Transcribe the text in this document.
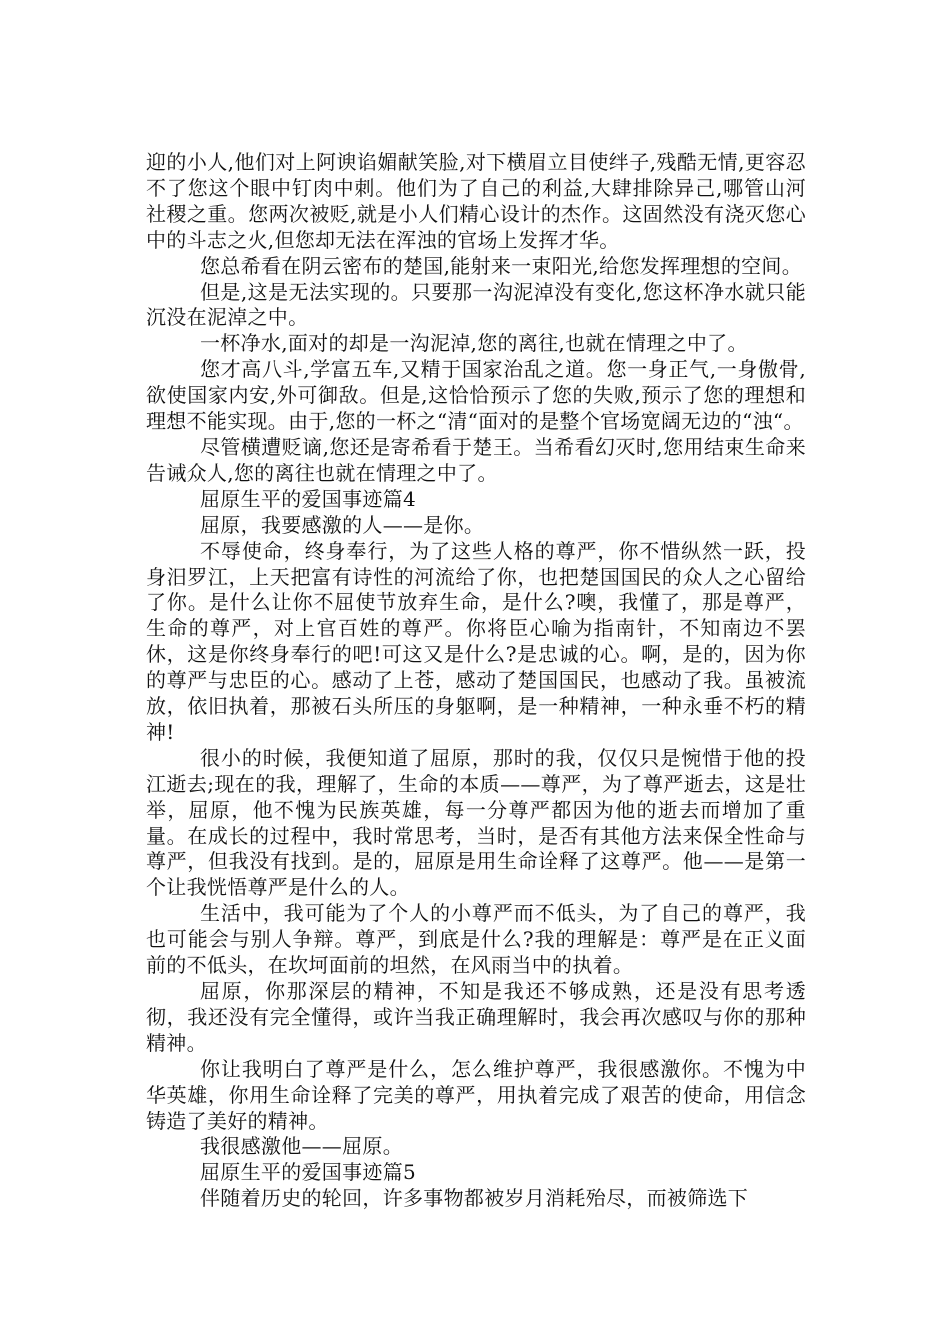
迎的小人,他们对上阿谀谄媚献笑脸,对下横眉立目使绊子,残酷无情,更容忍不了您这个眼中钉肉中刺。他们为了自己的利益,大肆排除异己,哪管山河社稷之重。您两次被贬,就是小人们精心设计的杰作。这固然没有浇灭您心中的斗志之火,但您却无法在浑浊的官场上发挥才华。

您总希看在阴云密布的楚国,能射来一束阳光,给您发挥理想的空间。

但是,这是无法实现的。只要那一沟泥淖没有变化,您这杯净水就只能沉没在泥淖之中。

一杯净水,面对的却是一沟泥淖,您的离往,也就在情理之中了。

您才高八斗,学富五车,又精于国家治乱之道。您一身正气,一身傲骨,欲使国家内安,外可御敌。但是,这恰恰预示了您的失败,预示了您的理想和理想不能实现。由于,您的一杯之“清“面对的是整个官场宽阔无边的“浊“。

尽管横遭贬谪,您还是寄希看于楚王。当希看幻灭时,您用结束生命来告诫众人,您的离往也就在情理之中了。

屈原生平的爱国事迹篇4

屈原，我要感激的人——是你。

不辱使命，终身奉行，为了这些人格的尊严，你不惜纵然一跃，投身汨罗江，上天把富有诗性的河流给了你，也把楚国国民的众人之心留给了你。是什么让你不屈使节放弃生命，是什么?噢，我懂了，那是尊严，生命的尊严，对上官百姓的尊严。你将臣心喻为指南针，不知南边不罢休，这是你终身奉行的吧!可这又是什么?是忠诚的心。啊，是的，因为你的尊严与忠臣的心。感动了上苍，感动了楚国国民，也感动了我。虽被流放，依旧执着，那被石头所压的身躯啊，是一种精神，一种永垂不朽的精神!

很小的时候，我便知道了屈原，那时的我，仅仅只是惋惜于他的投江逝去;现在的我，理解了，生命的本质——尊严，为了尊严逝去，这是壮举，屈原，他不愧为民族英雄，每一分尊严都因为他的逝去而增加了重量。在成长的过程中，我时常思考，当时，是否有其他方法来保全性命与尊严，但我没有找到。是的，屈原是用生命诠释了这尊严。他——是第一个让我恍悟尊严是什么的人。

生活中，我可能为了个人的小尊严而不低头，为了自己的尊严，我也可能会与别人争辩。尊严，到底是什么?我的理解是：尊严是在正义面前的不低头，在坎坷面前的坦然，在风雨当中的执着。

屈原，你那深层的精神，不知是我还不够成熟，还是没有思考透彻，我还没有完全懂得，或许当我正确理解时，我会再次感叹与你的那种精神。

你让我明白了尊严是什么，怎么维护尊严，我很感激你。不愧为中华英雄，你用生命诠释了完美的尊严，用执着完成了艰苦的使命，用信念铸造了美好的精神。

我很感激他——屈原。

屈原生平的爱国事迹篇5

伴随着历史的轮回，许多事物都被岁月消耗殆尽，而被筛选下
